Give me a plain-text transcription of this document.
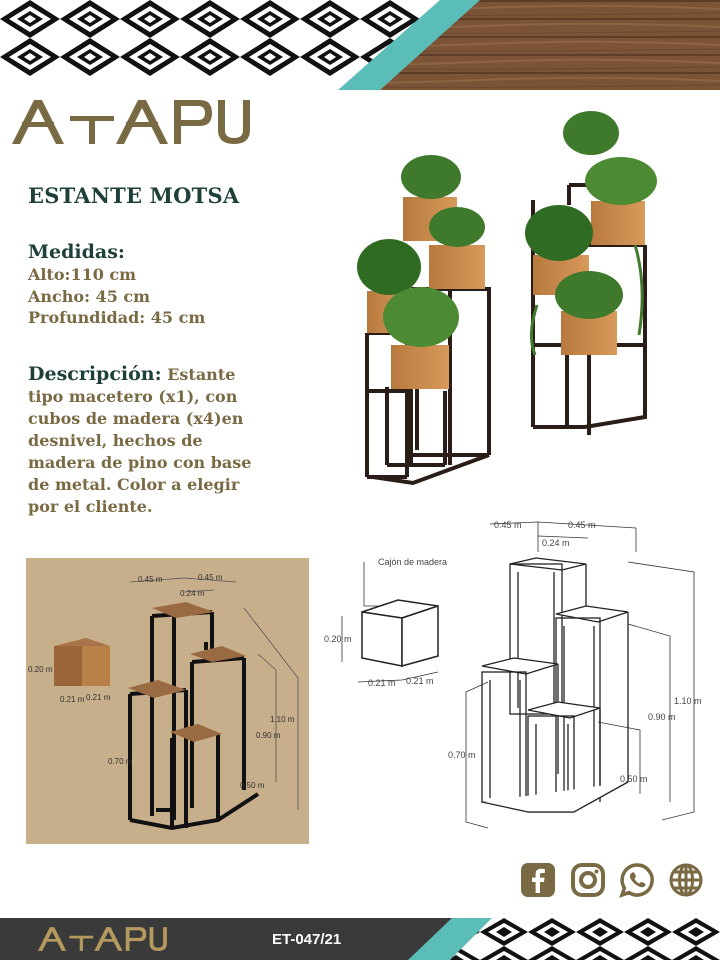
ESTANTE MOTSA
Medidas:
Alto:110 cm
Ancho: 45 cm
Profundidad: 45 cm
Descripción: Estante tipo macetero (x1), con cubos de madera (x4)en desnivel, hechos de madera de pino con base de metal. Color a elegir por el cliente.
0.45 m	0.45 m
0.24 m
0.20 m
0.21 m 0.21 m
1.10 m
0.90 m
0.70 m
0.50 m
0.45 m	0.45 m
0.24 m
Cajón de madera
0.20 m
0.21 m 0.21 m
1.10 m
0.90 m
0.70 m
0.50 m
ET-047/21
